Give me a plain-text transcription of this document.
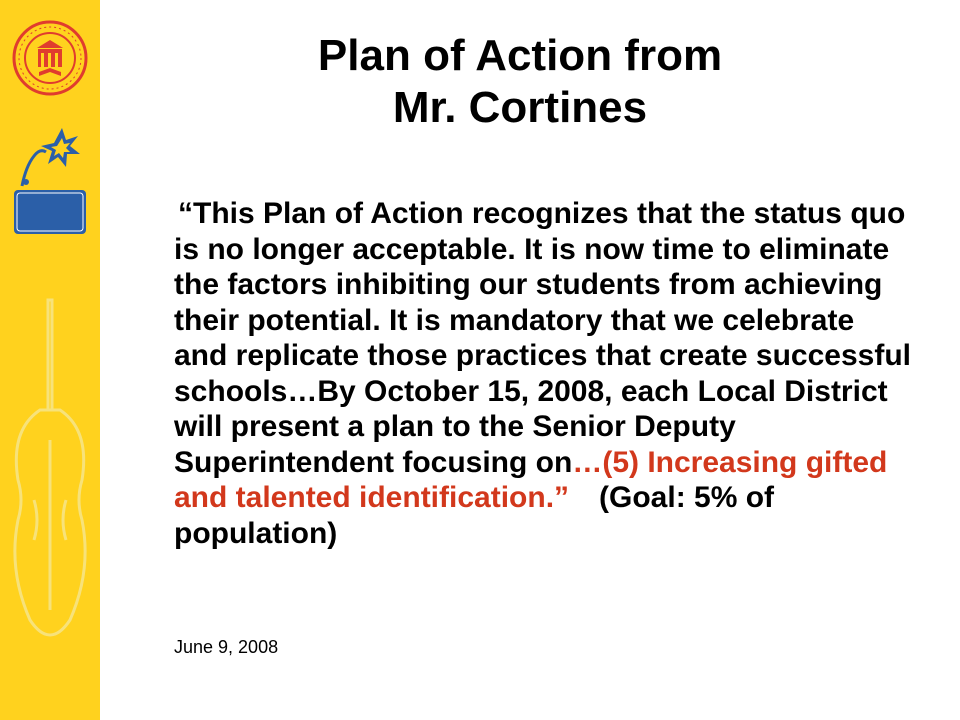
Plan of Action from
Mr. Cortines

“This Plan of Action recognizes that the status quo is no longer acceptable. It is now time to eliminate the factors inhibiting our students from achieving their potential. It is mandatory that we celebrate and replicate those practices that create successful schools…By October 15, 2008, each Local District will present a plan to the Senior Deputy Superintendent focusing on…(5) Increasing gifted and talented identification.” (Goal: 5% of population)

June 9, 2008
